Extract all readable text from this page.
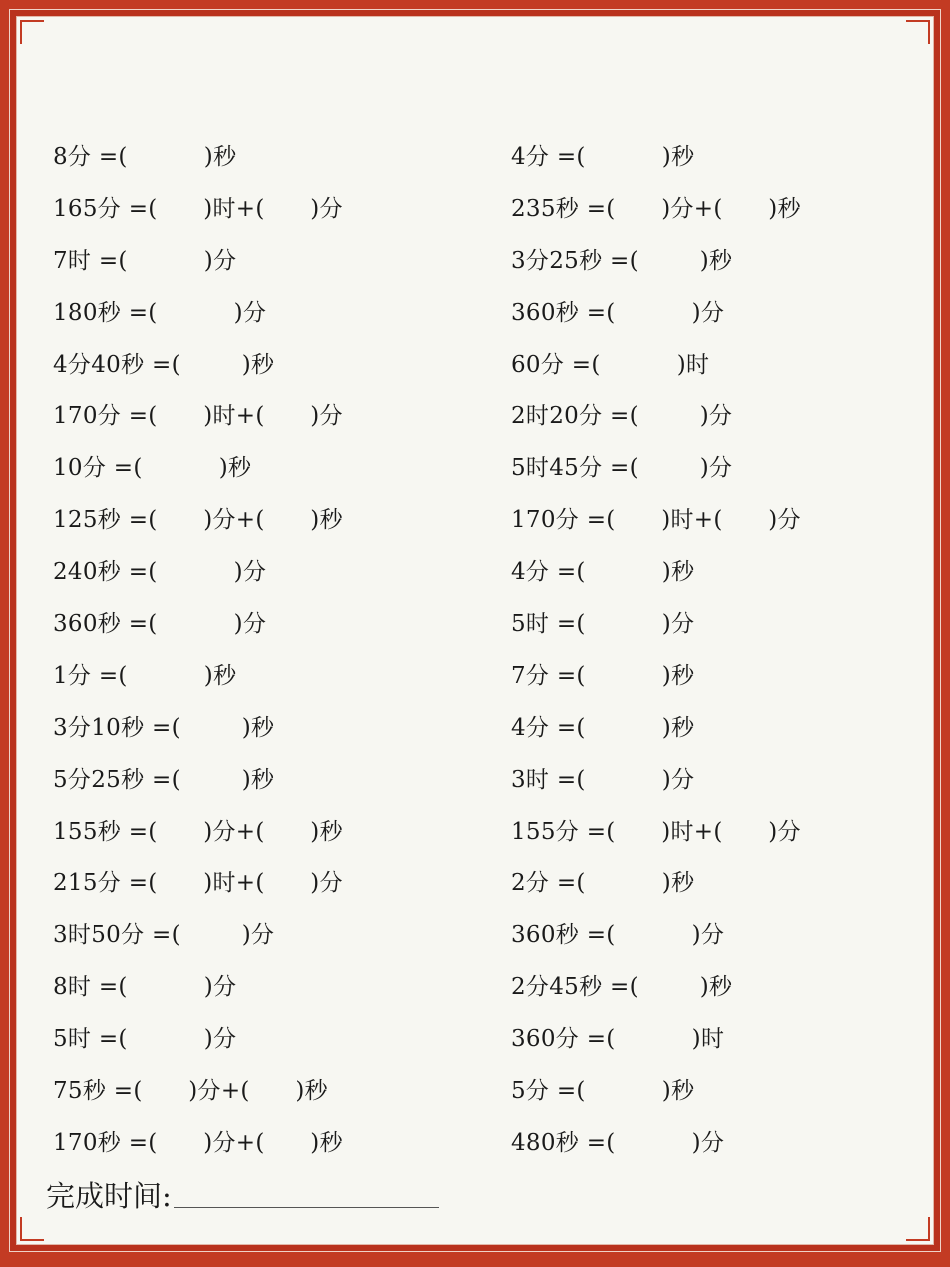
8分 =(          )秒
165分 =(      )时+(      )分
7时 =(          )分
180秒 =(          )分
4分40秒 =(        )秒
170分 =(      )时+(      )分
10分 =(          )秒
125秒 =(      )分+(      )秒
240秒 =(          )分
360秒 =(          )分
1分 =(          )秒
3分10秒 =(        )秒
5分25秒 =(        )秒
155秒 =(      )分+(      )秒
215分 =(      )时+(      )分
3时50分 =(        )分
8时 =(          )分
5时 =(          )分
75秒 =(      )分+(      )秒
170秒 =(      )分+(      )秒
4分 =(          )秒
235秒 =(      )分+(      )秒
3分25秒 =(        )秒
360秒 =(          )分
60分 =(          )时
2时20分 =(        )分
5时45分 =(        )分
170分 =(      )时+(      )分
4分 =(          )秒
5时 =(          )分
7分 =(          )秒
4分 =(          )秒
3时 =(          )分
155分 =(      )时+(      )分
2分 =(          )秒
360秒 =(          )分
2分45秒 =(        )秒
360分 =(          )时
5分 =(          )秒
480秒 =(          )分
完成时间:
